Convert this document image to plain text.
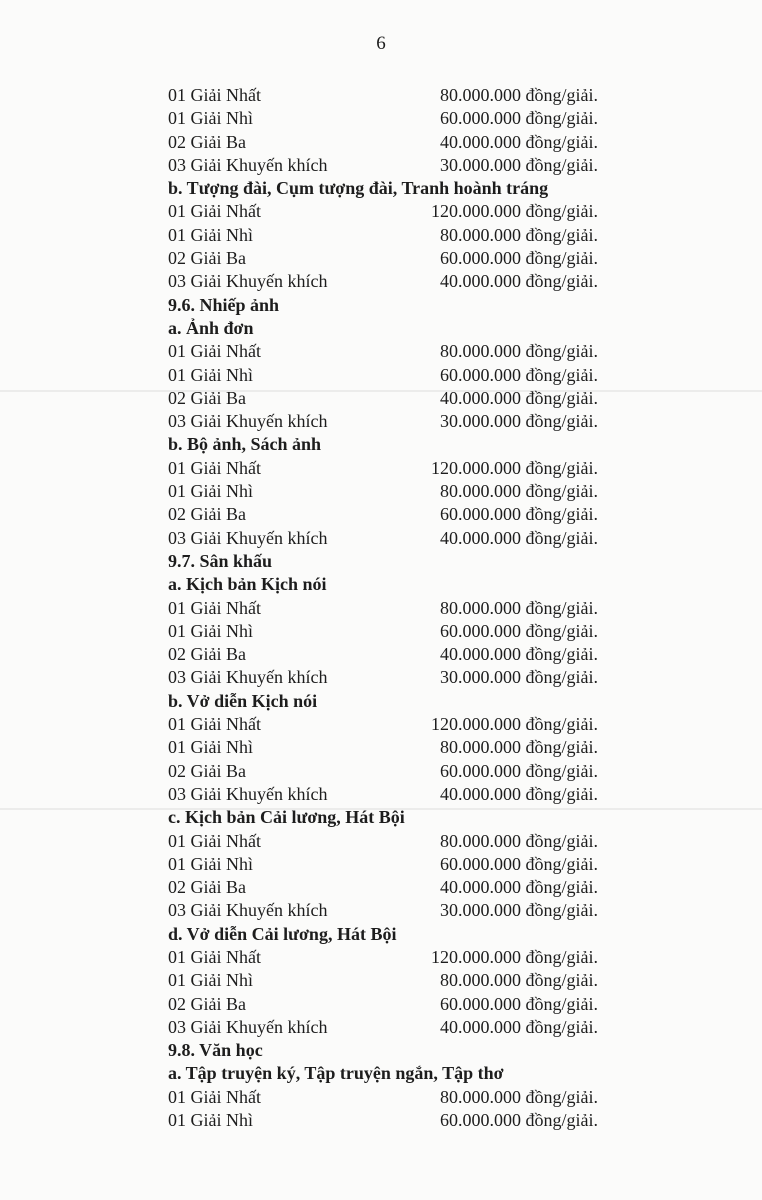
6
01 Giải Nhất	80.000.000 đồng/giải.
01 Giải Nhì	60.000.000 đồng/giải.
02 Giải Ba	40.000.000 đồng/giải.
03 Giải Khuyến khích	30.000.000 đồng/giải.
b. Tượng đài, Cụm tượng đài, Tranh hoành tráng
01 Giải Nhất	120.000.000 đồng/giải.
01 Giải Nhì	80.000.000 đồng/giải.
02 Giải Ba	60.000.000 đồng/giải.
03 Giải Khuyến khích	40.000.000 đồng/giải.
9.6. Nhiếp ảnh
a. Ảnh đơn
01 Giải Nhất	80.000.000 đồng/giải.
01 Giải Nhì	60.000.000 đồng/giải.
02 Giải Ba	40.000.000 đồng/giải.
03 Giải Khuyến khích	30.000.000 đồng/giải.
b. Bộ ảnh, Sách ảnh
01 Giải Nhất	120.000.000 đồng/giải.
01 Giải Nhì	80.000.000 đồng/giải.
02 Giải Ba	60.000.000 đồng/giải.
03 Giải Khuyến khích	40.000.000 đồng/giải.
9.7. Sân khấu
a. Kịch bản Kịch nói
01 Giải Nhất	80.000.000 đồng/giải.
01 Giải Nhì	60.000.000 đồng/giải.
02 Giải Ba	40.000.000 đồng/giải.
03 Giải Khuyến khích	30.000.000 đồng/giải.
b. Vở diễn Kịch nói
01 Giải Nhất	120.000.000 đồng/giải.
01 Giải Nhì	80.000.000 đồng/giải.
02 Giải Ba	60.000.000 đồng/giải.
03 Giải Khuyến khích	40.000.000 đồng/giải.
c. Kịch bản Cải lương, Hát Bội
01 Giải Nhất	80.000.000 đồng/giải.
01 Giải Nhì	60.000.000 đồng/giải.
02 Giải Ba	40.000.000 đồng/giải.
03 Giải Khuyến khích	30.000.000 đồng/giải.
d. Vở diễn Cải lương, Hát Bội
01 Giải Nhất	120.000.000 đồng/giải.
01 Giải Nhì	80.000.000 đồng/giải.
02 Giải Ba	60.000.000 đồng/giải.
03 Giải Khuyến khích	40.000.000 đồng/giải.
9.8. Văn học
a. Tập truyện ký, Tập truyện ngắn, Tập thơ
01 Giải Nhất	80.000.000 đồng/giải.
01 Giải Nhì	60.000.000 đồng/giải.
